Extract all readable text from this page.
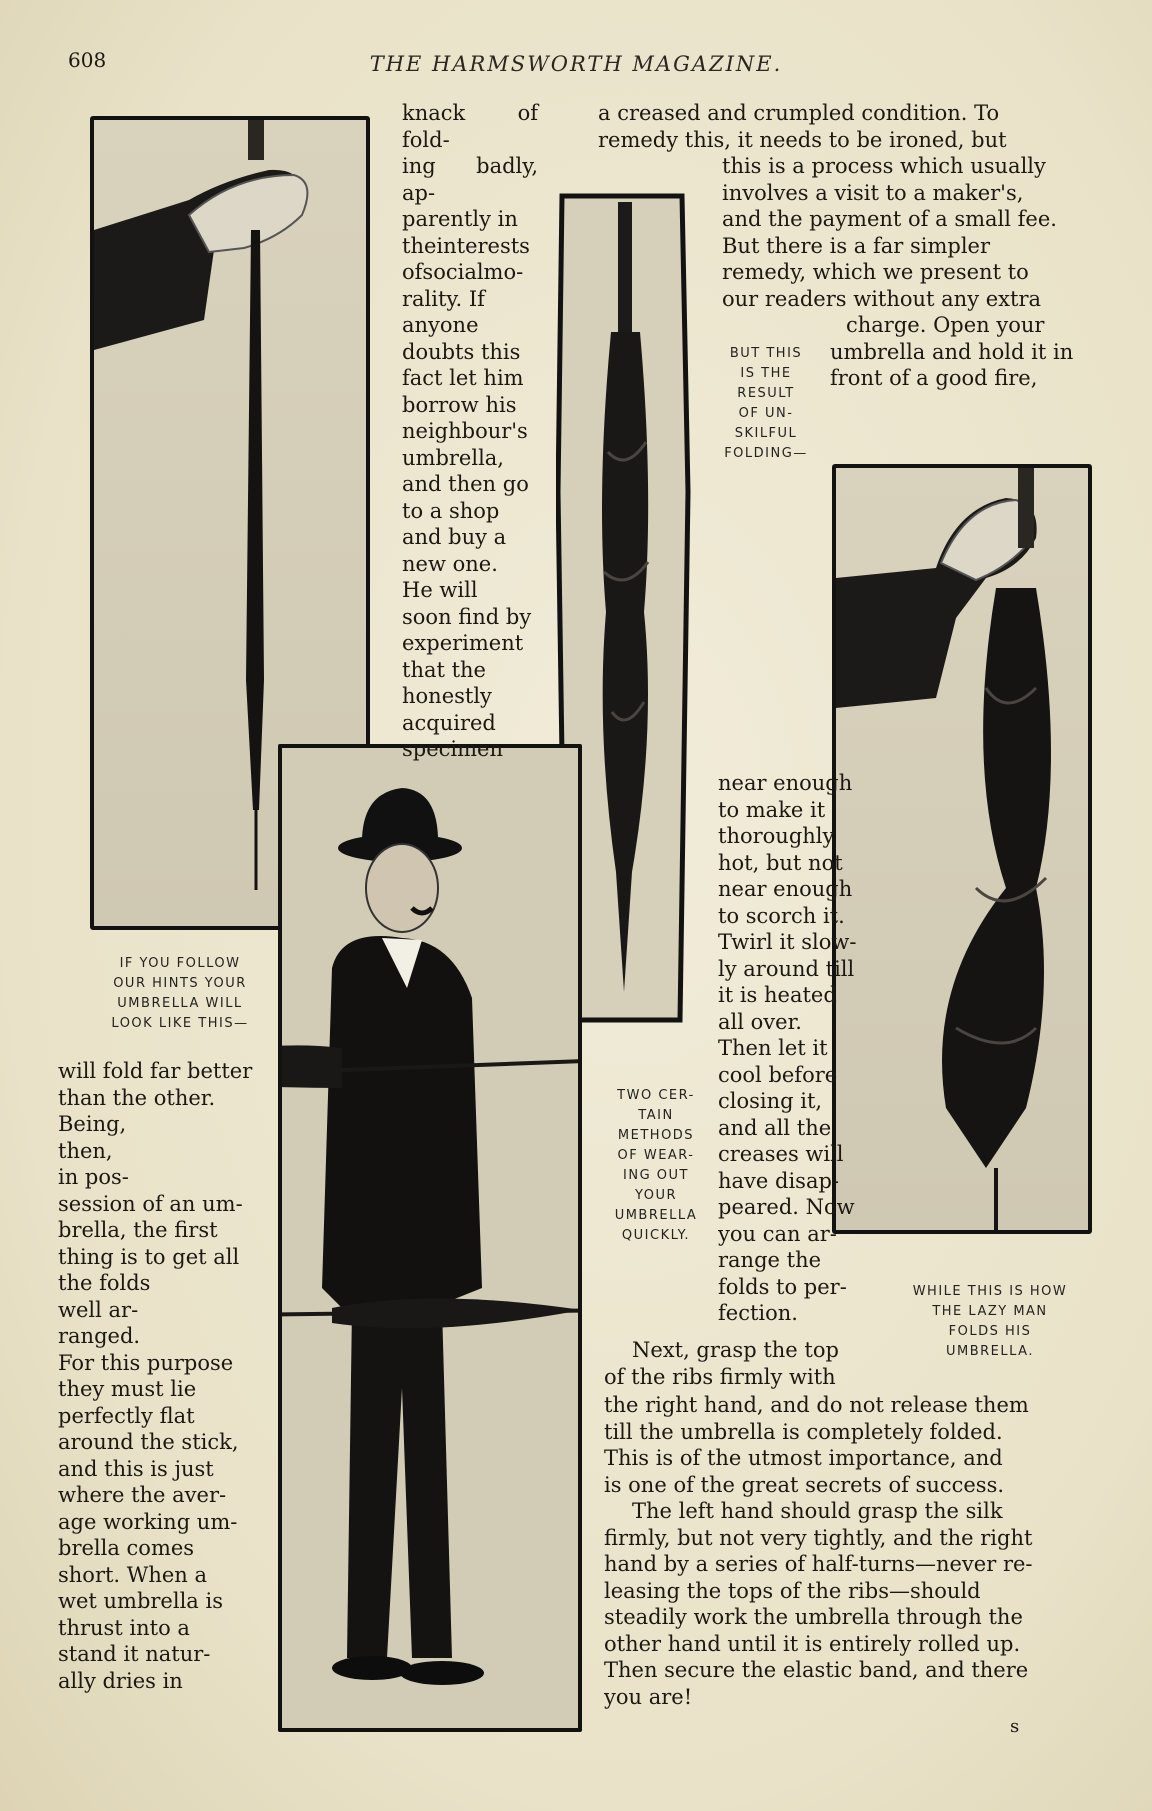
608	THE HARMSWORTH MAGAZINE.

knack of fold-

ing badly, ap-

parently in

theinterests

ofsocialmo-

rality. If

anyone

doubts this

fact let him

borrow his

neighbour's

umbrella,

and then go

to a shop

and buy a

new one.

He will

soon find by

experiment

that the

honestly

acquired

specimen

a creased and crumpled condition. To

remedy this, it needs to be ironed, but

this is a process which usually

involves a visit to a maker's,

and the payment of a small fee.

But there is a far simpler

remedy, which we present to

our readers without any extra

charge. Open your

umbrella and hold it in

front of a good fire,

BUT THIS
IS THE
RESULT
OF UN-
SKILFUL
FOLDING—

near enough

to make it

thoroughly

hot, but not

near enough

to scorch it.

Twirl it slow-

ly around till

it is heated

all over.

Then let it

cool before

closing it,

and all the

creases will

have disap-

peared. Now

you can ar-

range the

folds to per-

fection.

TWO CER-
TAIN
METHODS
OF WEAR-
ING OUT
YOUR
UMBRELLA
QUICKLY.
WHILE THIS IS HOW
THE LAZY MAN
FOLDS HIS
UMBRELLA.

Next, grasp the top

of the ribs firmly with

the right hand, and do not release them

till the umbrella is completely folded.

This is of the utmost importance, and

is one of the great secrets of success.

The left hand should grasp the silk

firmly, but not very tightly, and the right

hand by a series of half-turns—never re-

leasing the tops of the ribs—should

steadily work the umbrella through the

other hand until it is entirely rolled up.

Then secure the elastic band, and there

you are!

IF YOU FOLLOW
OUR HINTS YOUR
UMBRELLA WILL
LOOK LIKE THIS—

will fold far better

than the other.

Being,

then,

in pos-

session of an um-

brella, the first

thing is to get all

the folds

well ar-

ranged.

For this purpose

they must lie

perfectly flat

around the stick,

and this is just

where the aver-

age working um-

brella comes

short. When a

wet umbrella is

thrust into a

stand it natur-

ally dries in

s
